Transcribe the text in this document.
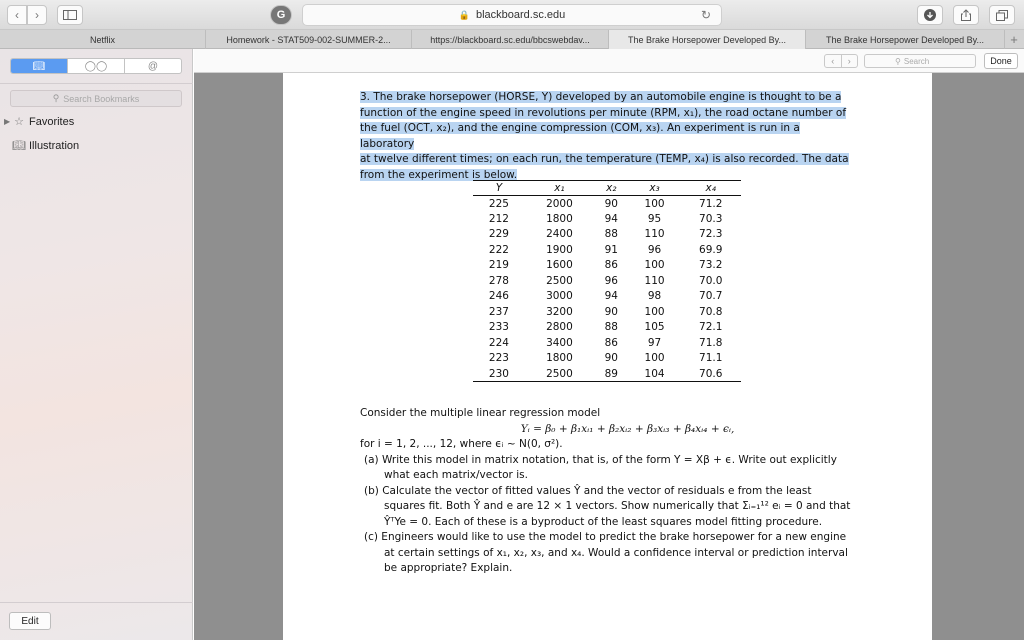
‹	›	G	🔒 blackboard.sc.edu	↻
Netflix	Homework - STAT509-002-SUMMER-2...	https://blackboard.sc.edu/bbcswebdav...	The Brake Horsepower Developed By...	The Brake Horsepower Developed By...	+
📖︎	◯◯	@
⚲ Search Bookmarks
▶ ☆ Favorites
📖︎ Illustration
Edit
‹	›	⚲ Search	Done

3. The brake horsepower (HORSE, Y) developed by an automobile engine is thought to be a

function of the engine speed in revolutions per minute (RPM, x₁), the road octane number of

the fuel (OCT, x₂), and the engine compression (COM, x₃). An experiment is run in a laboratory

at twelve different times; on each run, the temperature (TEMP, x₄) is also recorded. The data

from the experiment is below.

Y	x₁	x₂	x₃	x₄
225	2000	90	100	71.2
212	1800	94	95	70.3
229	2400	88	110	72.3
222	1900	91	96	69.9
219	1600	86	100	73.2
278	2500	96	110	70.0
246	3000	94	98	70.7
237	3200	90	100	70.8
233	2800	88	105	72.1
224	3400	86	97	71.8
223	1800	90	100	71.1
230	2500	89	104	70.6

Consider the multiple linear regression model

Yᵢ = β₀ + β₁xᵢ₁ + β₂xᵢ₂ + β₃xᵢ₃ + β₄xᵢ₄ + ϵᵢ,

for i = 1, 2, ..., 12, where ϵᵢ ~ N(0, σ²).

(a) Write this model in matrix notation, that is, of the form Y = Xβ + ϵ. Write out explicitly what each matrix/vector is.

(b) Calculate the vector of fitted values Ŷ and the vector of residuals e from the least squares fit. Both Ŷ and e are 12 × 1 vectors. Show numerically that Σᵢ₌₁¹² eᵢ = 0 and that ŶᵀYe = 0. Each of these is a byproduct of the least squares model fitting procedure.

(c) Engineers would like to use the model to predict the brake horsepower for a new engine at certain settings of x₁, x₂, x₃, and x₄. Would a confidence interval or prediction interval be appropriate? Explain.
